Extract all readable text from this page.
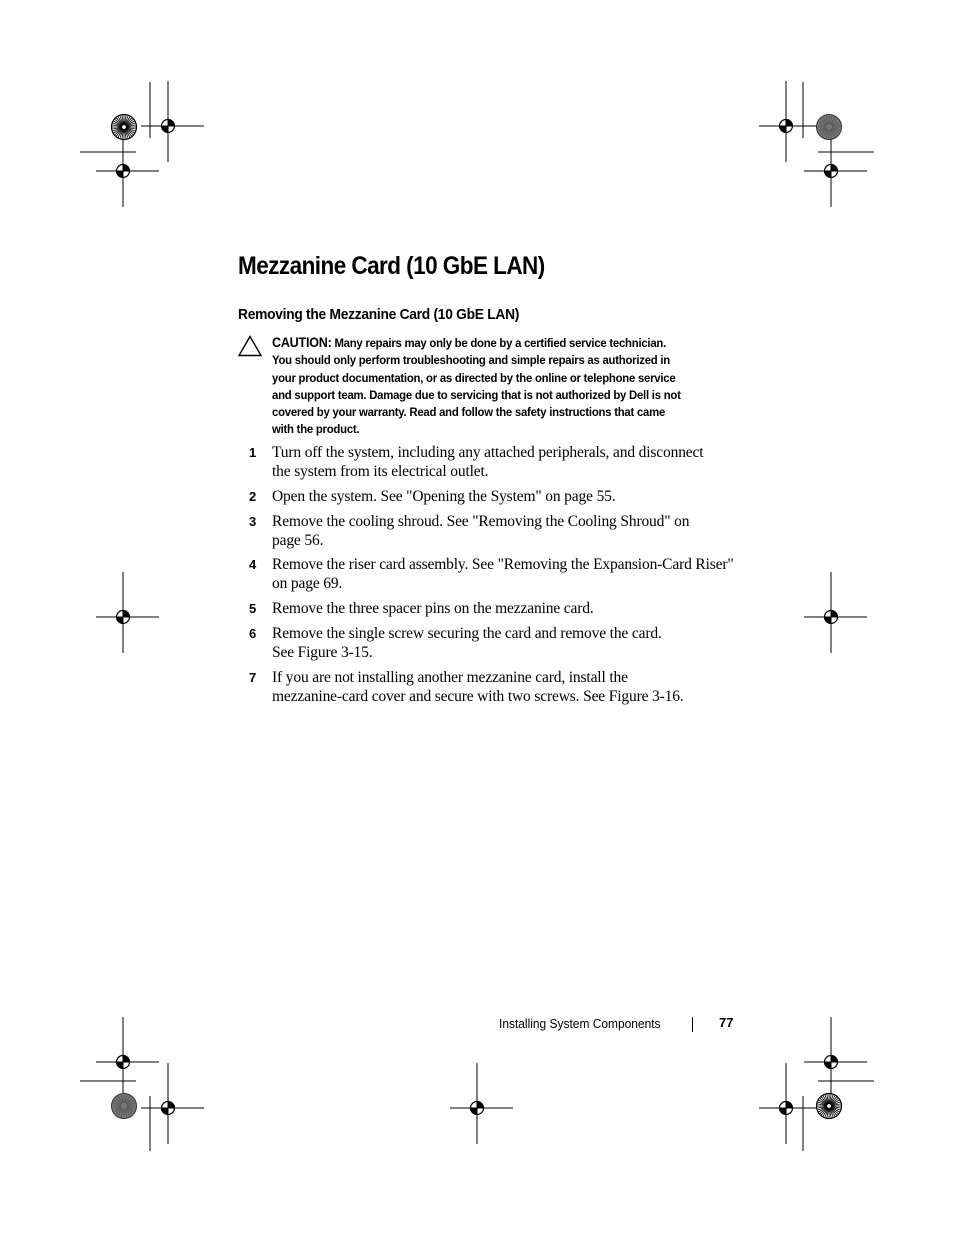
Mezzanine Card (10 GbE LAN)
Removing the Mezzanine Card (10 GbE LAN)
CAUTION: Many repairs may only be done by a certified service technician.
You should only perform troubleshooting and simple repairs as authorized in
your product documentation, or as directed by the online or telephone service
and support team. Damage due to servicing that is not authorized by Dell is not
covered by your warranty. Read and follow the safety instructions that came
with the product.
1 Turn off the system, including any attached peripherals, and disconnect
the system from its electrical outlet.
2 Open the system. See "Opening the System" on page 55.
3 Remove the cooling shroud. See "Removing the Cooling Shroud" on
page 56.
4 Remove the riser card assembly. See "Removing the Expansion-Card Riser"
on page 69.
5 Remove the three spacer pins on the mezzanine card.
6 Remove the single screw securing the card and remove the card.
See Figure 3-15.
7 If you are not installing another mezzanine card, install the
mezzanine-card cover and secure with two screws. See Figure 3-16.
Installing System Components	77
